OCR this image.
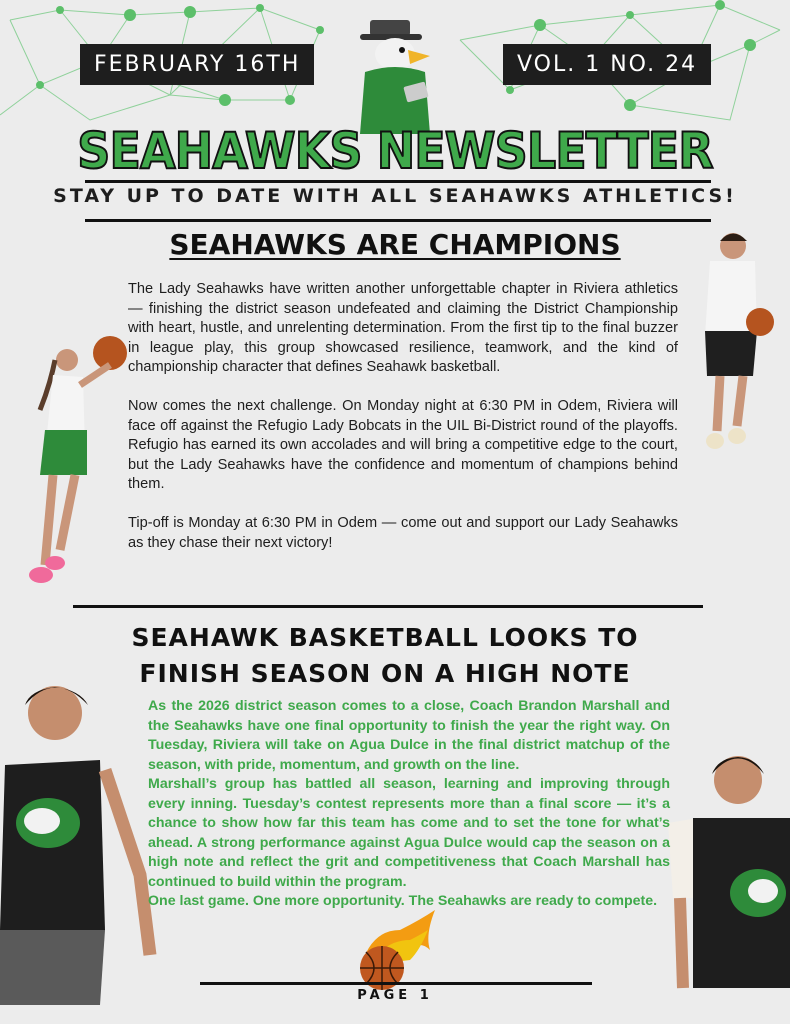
FEBRUARY 16TH	VOL. 1 NO. 24
SEAHAWKS NEWSLETTER
STAY UP TO DATE WITH ALL SEAHAWKS ATHLETICS!
SEAHAWKS ARE CHAMPIONS

The Lady Seahawks have written another unforgettable chapter in Riviera athletics — finishing the district season undefeated and claiming the District Championship with heart, hustle, and unrelenting determination. From the first tip to the final buzzer in league play, this group showcased resilience, teamwork, and the kind of championship character that defines Seahawk basketball.

Now comes the next challenge. On Monday night at 6:30 PM in Odem, Riviera will face off against the Refugio Lady Bobcats in the UIL Bi-District round of the playoffs. Refugio has earned its own accolades and will bring a competitive edge to the court, but the Lady Seahawks have the confidence and momentum of champions behind them.

Tip-off is Monday at 6:30 PM in Odem — come out and support our Lady Seahawks as they chase their next victory!

SEAHAWK BASKETBALL LOOKS TO
FINISH SEASON ON A HIGH NOTE

As the 2026 district season comes to a close, Coach Brandon Marshall and the Seahawks have one final opportunity to finish the year the right way. On Tuesday, Riviera will take on Agua Dulce in the final district matchup of the season, with pride, momentum, and growth on the line.

Marshall’s group has battled all season, learning and improving through every inning. Tuesday’s contest represents more than a final score — it’s a chance to show how far this team has come and to set the tone for what’s ahead. A strong performance against Agua Dulce would cap the season on a high note and reflect the grit and competitiveness that Coach Marshall has continued to build within the program.

One last game. One more opportunity. The Seahawks are ready to compete.

PAGE 1
